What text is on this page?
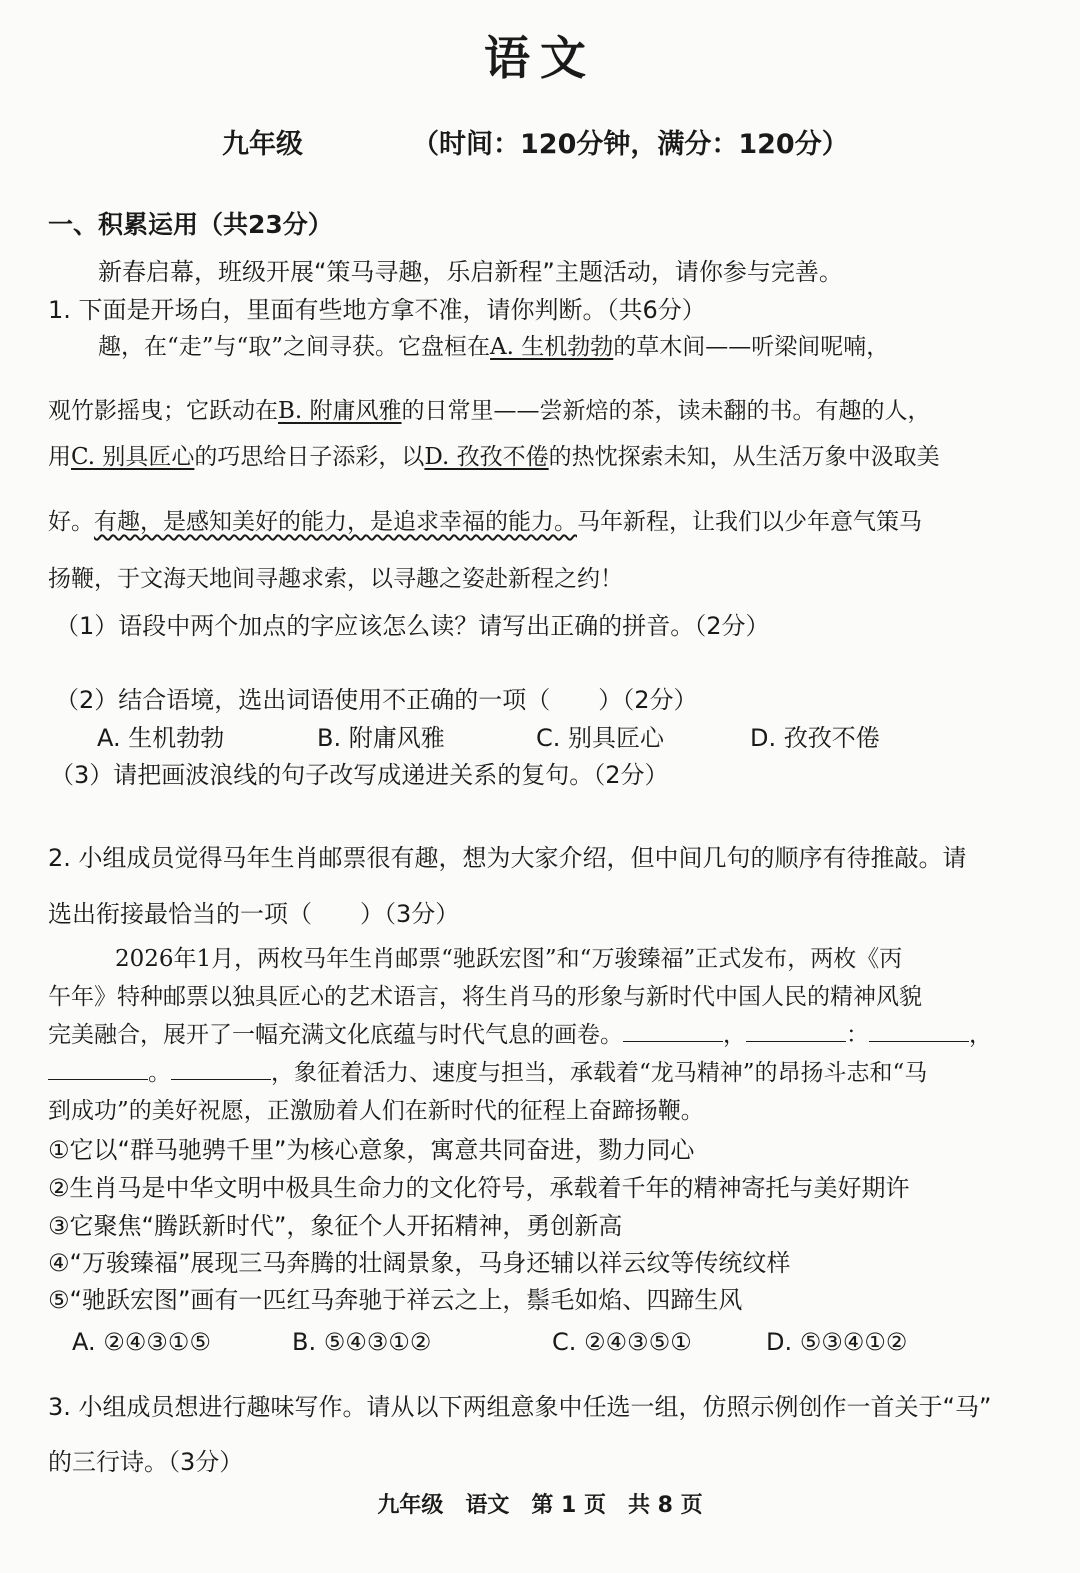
语文
九年级	（时间：120分钟，满分：120分）
一、积累运用（共23分）
新春启幕，班级开展“策马寻趣，乐启新程”主题活动，请你参与完善。
1. 下面是开场白，里面有些地方拿不准，请你判断。（共6分）
趣，在“走”与“取”之间寻获。它盘桓在A. 生机勃勃的草木间——听梁间呢喃，
观竹影摇曳；它跃动在B. 附庸风雅的日常里——尝新焙的茶，读未翻的书。有趣的人，
用C. 别具匠心的巧思给日子添彩，以D. 孜孜不倦的热忱探索未知，从生活万象中汲取美
好。有趣，是感知美好的能力，是追求幸福的能力。马年新程，让我们以少年意气策马
扬鞭，于文海天地间寻趣求索，以寻趣之姿赴新程之约！
（1）语段中两个加点的字应该怎么读？请写出正确的拼音。（2分）
（2）结合语境，选出词语使用不正确的一项（　　）（2分）
A. 生机勃勃	B. 附庸风雅	C. 别具匠心	D. 孜孜不倦
（3）请把画波浪线的句子改写成递进关系的复句。（2分）
2. 小组成员觉得马年生肖邮票很有趣，想为大家介绍，但中间几句的顺序有待推敲。请
选出衔接最恰当的一项（　　）（3分）
2026年1月，两枚马年生肖邮票“驰跃宏图”和“万骏臻福”正式发布，两枚《丙
午年》特种邮票以独具匠心的艺术语言，将生肖马的形象与新时代中国人民的精神风貌
完美融合，展开了一幅充满文化底蕴与时代气息的画卷。	，	：	，
。	，象征着活力、速度与担当，承载着“龙马精神”的昂扬斗志和“马
到成功”的美好祝愿，正激励着人们在新时代的征程上奋蹄扬鞭。
①它以“群马驰骋千里”为核心意象，寓意共同奋进，勠力同心
②生肖马是中华文明中极具生命力的文化符号，承载着千年的精神寄托与美好期许
③它聚焦“腾跃新时代”，象征个人开拓精神，勇创新高
④“万骏臻福”展现三马奔腾的壮阔景象，马身还辅以祥云纹等传统纹样
⑤“驰跃宏图”画有一匹红马奔驰于祥云之上，鬃毛如焰、四蹄生风
A. ②④③①⑤	B. ⑤④③①②	C. ②④③⑤①	D. ⑤③④①②
3. 小组成员想进行趣味写作。请从以下两组意象中任选一组，仿照示例创作一首关于“马”
的三行诗。（3分）
九年级　语文　第 1 页　共 8 页
